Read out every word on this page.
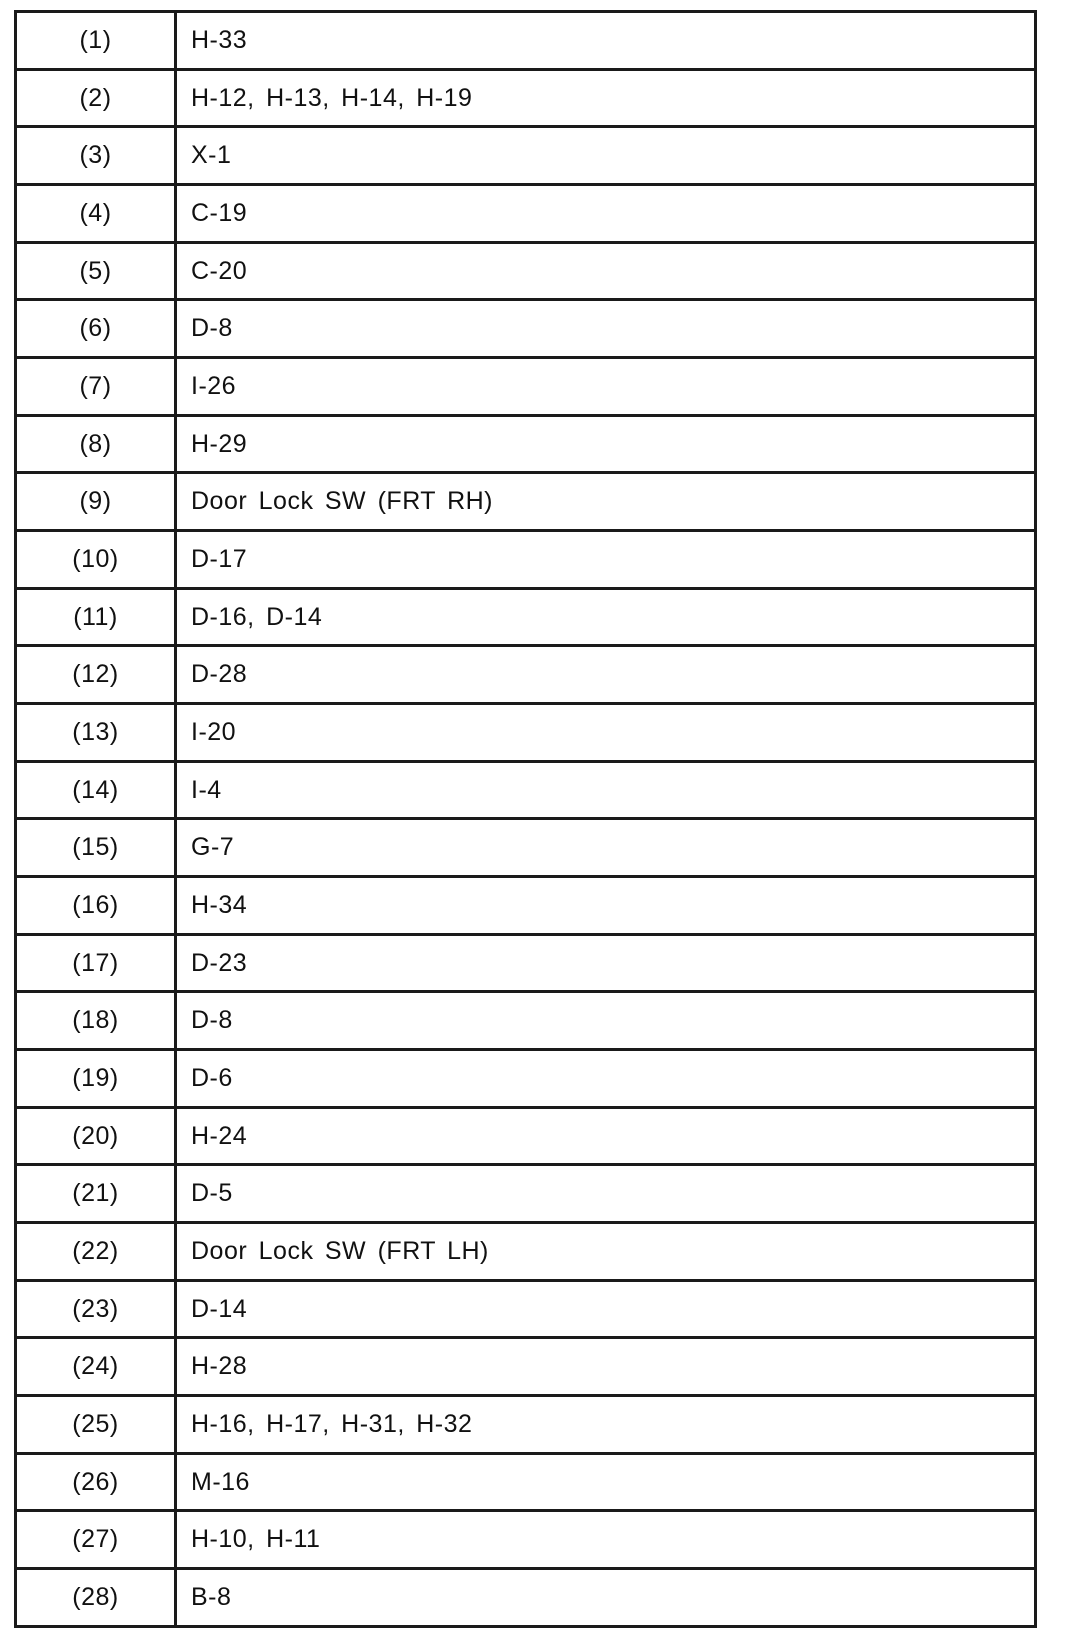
(1)	H-33
(2)	H-12, H-13, H-14, H-19
(3)	X-1
(4)	C-19
(5)	C-20
(6)	D-8
(7)	I-26
(8)	H-29
(9)	Door Lock SW (FRT RH)
(10)	D-17
(11)	D-16, D-14
(12)	D-28
(13)	I-20
(14)	I-4
(15)	G-7
(16)	H-34
(17)	D-23
(18)	D-8
(19)	D-6
(20)	H-24
(21)	D-5
(22)	Door Lock SW (FRT LH)
(23)	D-14
(24)	H-28
(25)	H-16, H-17, H-31, H-32
(26)	M-16
(27)	H-10, H-11
(28)	B-8
